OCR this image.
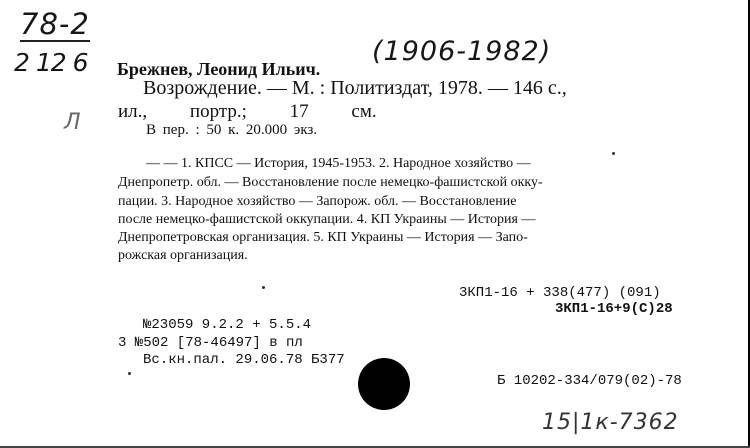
78-2
2 12 6 Брежнев, Леонид Ильич.
(1906-1982)
Возрождение. — М. : Политиздат, 1978. — 146 с.,
ил., портр.; 17 см.
Л	В пер. : 50 к. 20.000 экз.
— — 1. КПСС — История, 1945-1953. 2. Народное хозяйство —
Днепропетр. обл. — Восстановление после немецко-фашистской окку-
пации. 3. Народное хозяйство — Запорож. обл. — Восстановление
после немецко-фашистской оккупации. 4. КП Украины — История —
Днепропетровская организация. 5. КП Украины — История — Запо-
рожская организация.
3КП1-16 + 338(477) (091)
3КП1-16+9(С)28
№23059 9.2.2 + 5.5.4
3 №502 [78-46497] в пл
Вс.кн.пал. 29.06.78 Б377
Б 10202-334/079(02)-78
15|1к-7362
